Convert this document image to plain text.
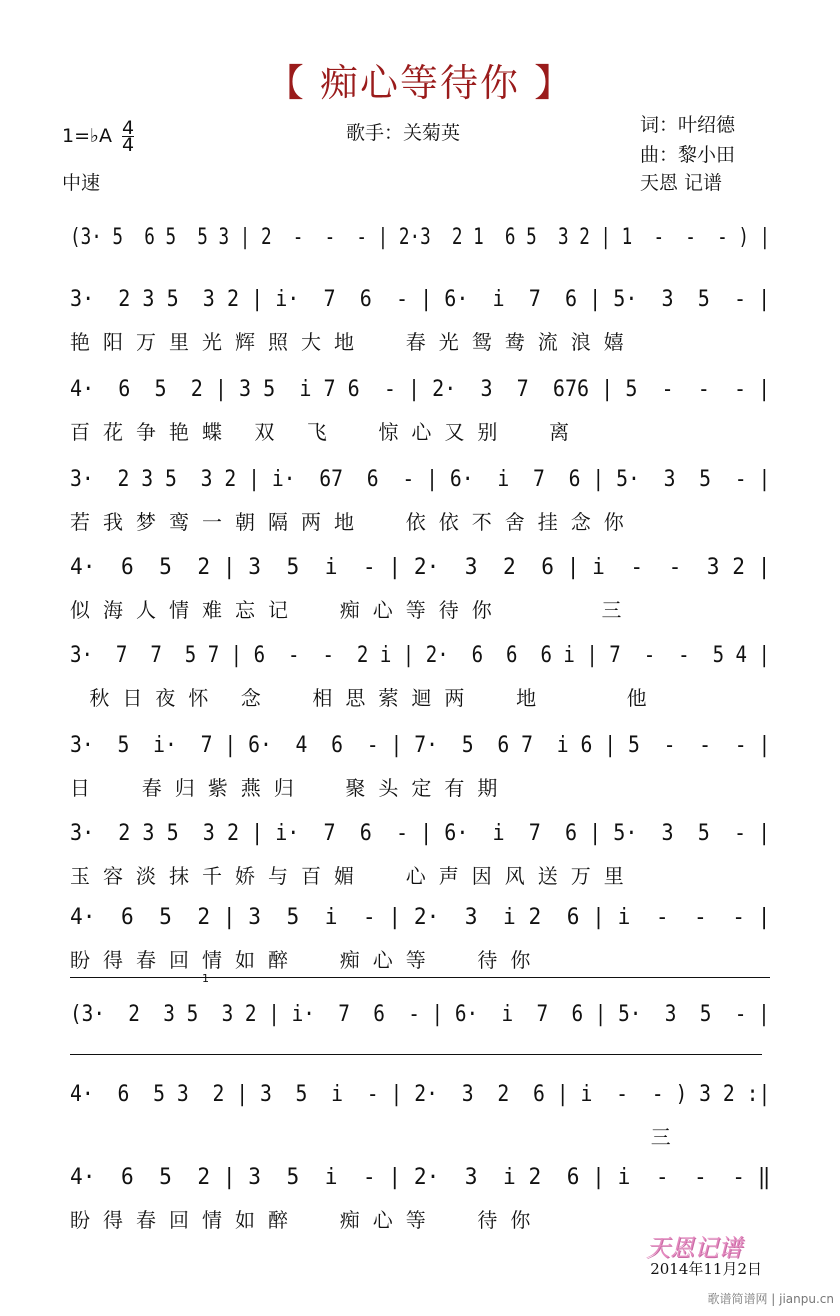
【 痴心等待你 】
1=♭A $\frac{4}{4}$
中速
歌手：关菊英	词：叶绍德
曲：黎小田
天恩 记谱
(3· 5  6 5  5 3 | 2  -  -  - | 2·3  2 1  6 5  3 2 | 1  -  -  - ) |
3·  2 3 5  3 2 | i·  7  6  - | 6·  i  7  6 | 5·  3  5  - |
艳阳万里光辉照大地  春光鸳鸯流浪嬉
4·  6  5  2 | 3 5  i 7 6  - | 2·  3  7  676 | 5  -  -  - |
百花争艳蝶 双 飞  惊心又别  离
3·  2 3 5  3 2 | i·  67  6  - | 6·  i  7  6 | 5·  3  5  - |
若我梦鸾一朝隔两地  依依不舍挂念你
4·  6  5  2 | 3  5  i  - | 2·  3  2  6 | i  -  -  3 2 |
似海人情难忘记  痴心等待你     三
3·  7  7  5 7 | 6  -  -  2 i | 2·  6  6  6 i | 7  -  -  5 4 |
秋日夜怀 念  相思萦迴两  地    他
3·  5  i·  7 | 6·  4  6  - | 7·  5  6 7  i 6 | 5  -  -  - |
日  春归紫燕归  聚头定有期
3·  2 3 5  3 2 | i·  7  6  - | 6·  i  7  6 | 5·  3  5  - |
玉容淡抹千娇与百媚  心声因风送万里
4·  6  5  2 | 3  5  i  - | 2·  3  i 2  6 | i  -  -  - |
盼得春回情如醉  痴心等  待你
(3·  2  3 5  3 2 | i·  7  6  - | 6·  i  7  6 | 5·  3  5  - |
4·  6  5 3  2 | 3  5  i  - | 2·  3  2  6 | i  -  - ) 3 2 :|
三
4·  6  5  2 | 3  5  i  - | 2·  3  i 2  6 | i  -  -  - ‖
盼得春回情如醉  痴心等  待你
1
天恩记谱
2014年11月2日
歌谱简谱网 | jianpu.cn
